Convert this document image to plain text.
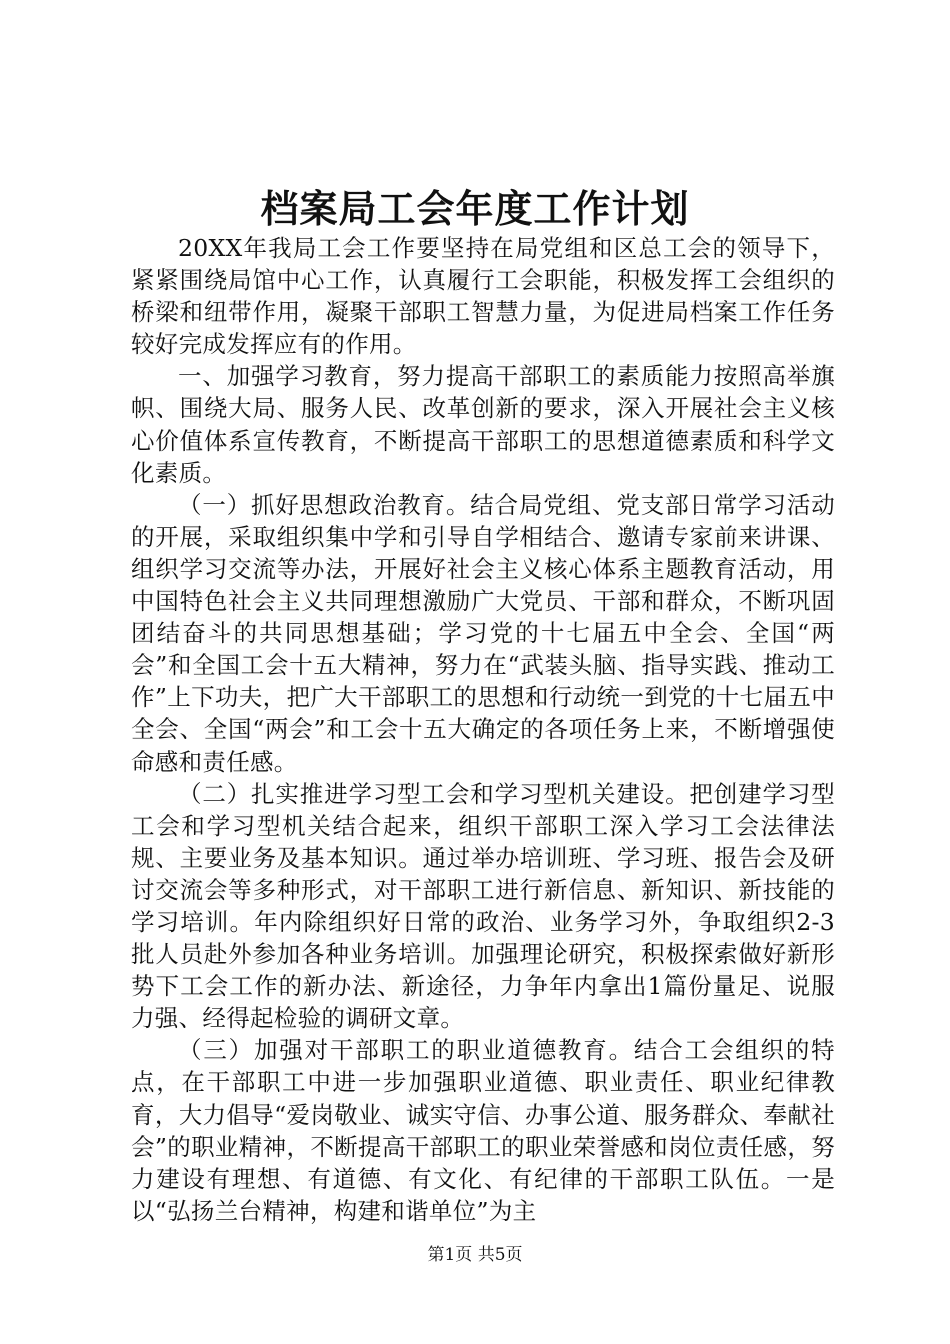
档案局工会年度工作计划

20XX年我局工会工作要坚持在局党组和区总工会的领导下，紧紧围绕局馆中心工作，认真履行工会职能，积极发挥工会组织的桥梁和纽带作用，凝聚干部职工智慧力量，为促进局档案工作任务较好完成发挥应有的作用。

一、加强学习教育，努力提高干部职工的素质能力按照高举旗帜、围绕大局、服务人民、改革创新的要求，深入开展社会主义核心价值体系宣传教育，不断提高干部职工的思想道德素质和科学文化素质。

（一）抓好思想政治教育。结合局党组、党支部日常学习活动的开展，采取组织集中学和引导自学相结合、邀请专家前来讲课、组织学习交流等办法，开展好社会主义核心体系主题教育活动，用中国特色社会主义共同理想激励广大党员、干部和群众，不断巩固团结奋斗的共同思想基础；学习党的十七届五中全会、全国“两会”和全国工会十五大精神，努力在“武装头脑、指导实践、推动工作”上下功夫，把广大干部职工的思想和行动统一到党的十七届五中全会、全国“两会”和工会十五大确定的各项任务上来，不断增强使命感和责任感。

（二）扎实推进学习型工会和学习型机关建设。把创建学习型工会和学习型机关结合起来，组织干部职工深入学习工会法律法规、主要业务及基本知识。通过举办培训班、学习班、报告会及研讨交流会等多种形式，对干部职工进行新信息、新知识、新技能的学习培训。年内除组织好日常的政治、业务学习外，争取组织2-3批人员赴外参加各种业务培训。加强理论研究，积极探索做好新形势下工会工作的新办法、新途径，力争年内拿出1篇份量足、说服力强、经得起检验的调研文章。

（三）加强对干部职工的职业道德教育。结合工会组织的特点，在干部职工中进一步加强职业道德、职业责任、职业纪律教育，大力倡导“爱岗敬业、诚实守信、办事公道、服务群众、奉献社会”的职业精神，不断提高干部职工的职业荣誉感和岗位责任感，努力建设有理想、有道德、有文化、有纪律的干部职工队伍。一是以“弘扬兰台精神，构建和谐单位”为主

第1页 共5页
